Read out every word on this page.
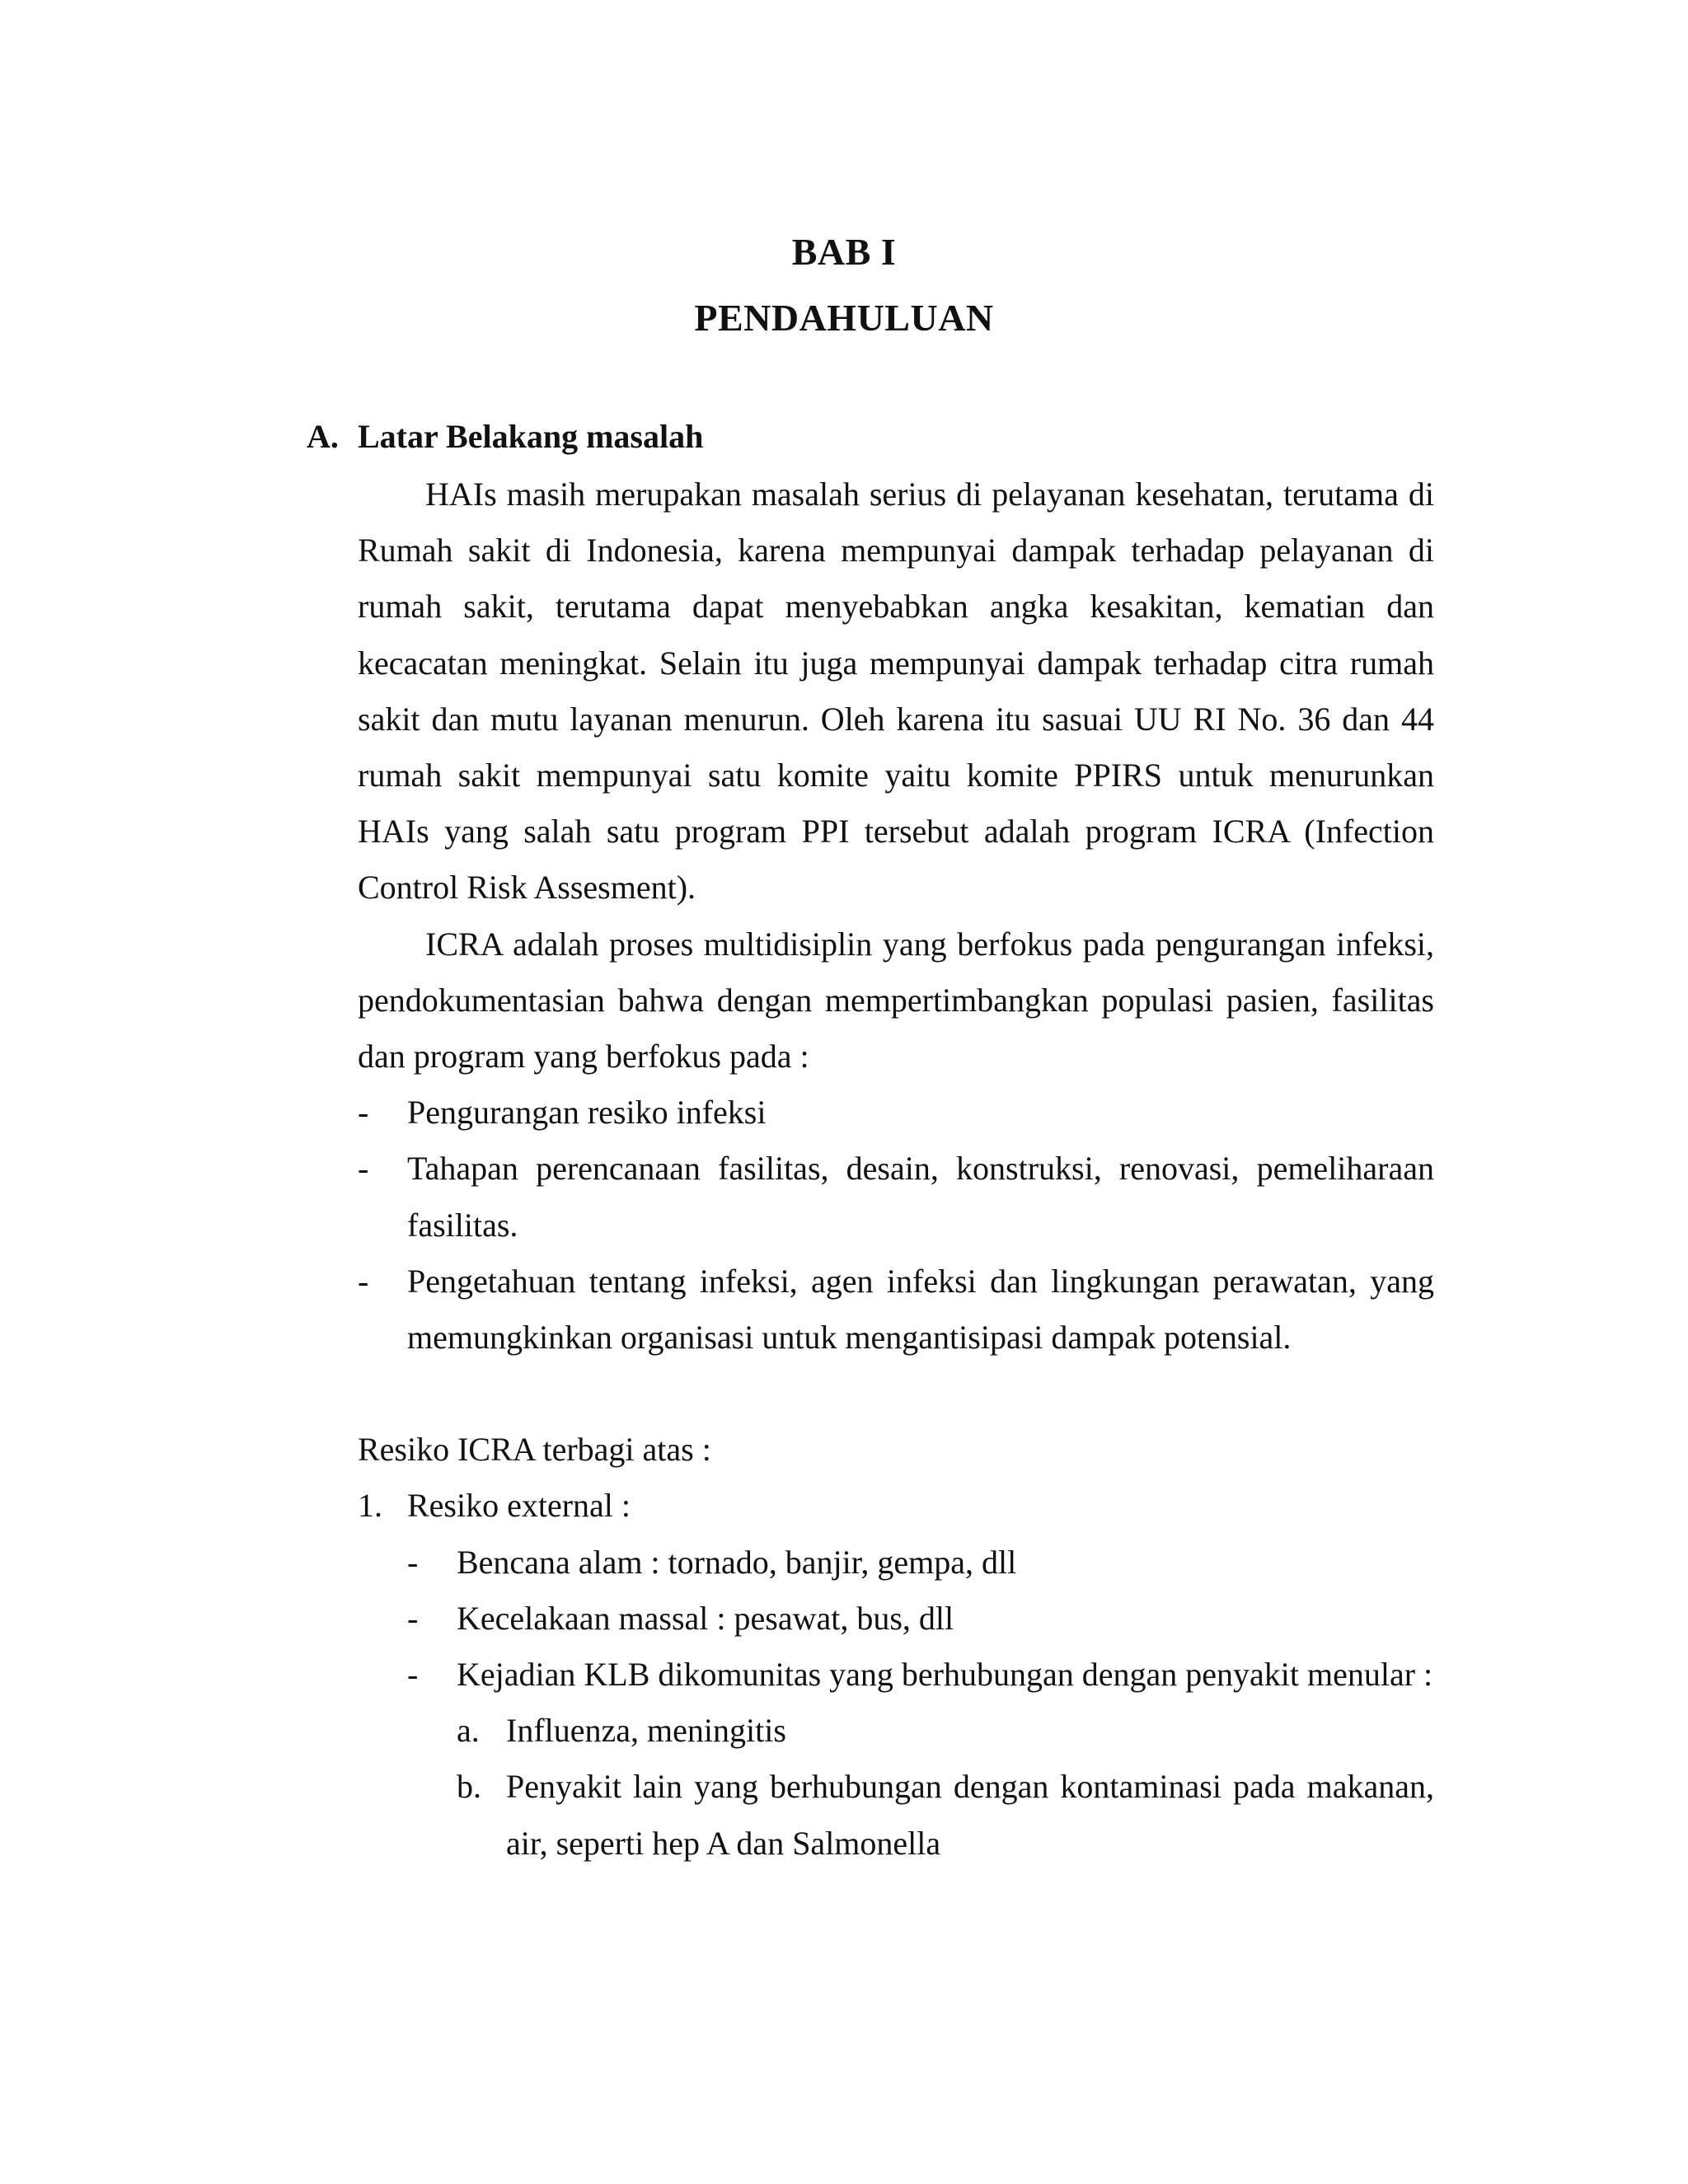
BAB I
PENDAHULUAN
A. Latar Belakang masalah

HAIs masih merupakan masalah serius di pelayanan kesehatan, terutama di Rumah sakit di Indonesia, karena mempunyai dampak terhadap pelayanan di rumah sakit, terutama dapat menyebabkan angka kesakitan, kematian dan kecacatan meningkat. Selain itu juga mempunyai dampak terhadap citra rumah sakit dan mutu layanan menurun. Oleh karena itu sasuai UU RI No. 36 dan 44 rumah sakit mempunyai satu komite yaitu komite PPIRS untuk menurunkan HAIs yang salah satu program PPI tersebut adalah program ICRA (Infection Control Risk Assesment).

ICRA adalah proses multidisiplin yang berfokus pada pengurangan infeksi, pendokumentasian bahwa dengan mempertimbangkan populasi pasien, fasilitas dan program yang berfokus pada :

-	Pengurangan resiko infeksi
-	Tahapan perencanaan fasilitas, desain, konstruksi, renovasi, pemeliharaan fasilitas.
-	Pengetahuan tentang infeksi, agen infeksi dan lingkungan perawatan, yang memungkinkan organisasi untuk mengantisipasi dampak potensial.
Resiko ICRA terbagi atas :
1. Resiko external :
-	Bencana alam : tornado, banjir, gempa, dll
-	Kecelakaan massal : pesawat, bus, dll
-	Kejadian KLB dikomunitas yang berhubungan dengan penyakit menular :
a. Influenza, meningitis
b. Penyakit lain yang berhubungan dengan kontaminasi pada makanan, air, seperti hep A dan Salmonella
